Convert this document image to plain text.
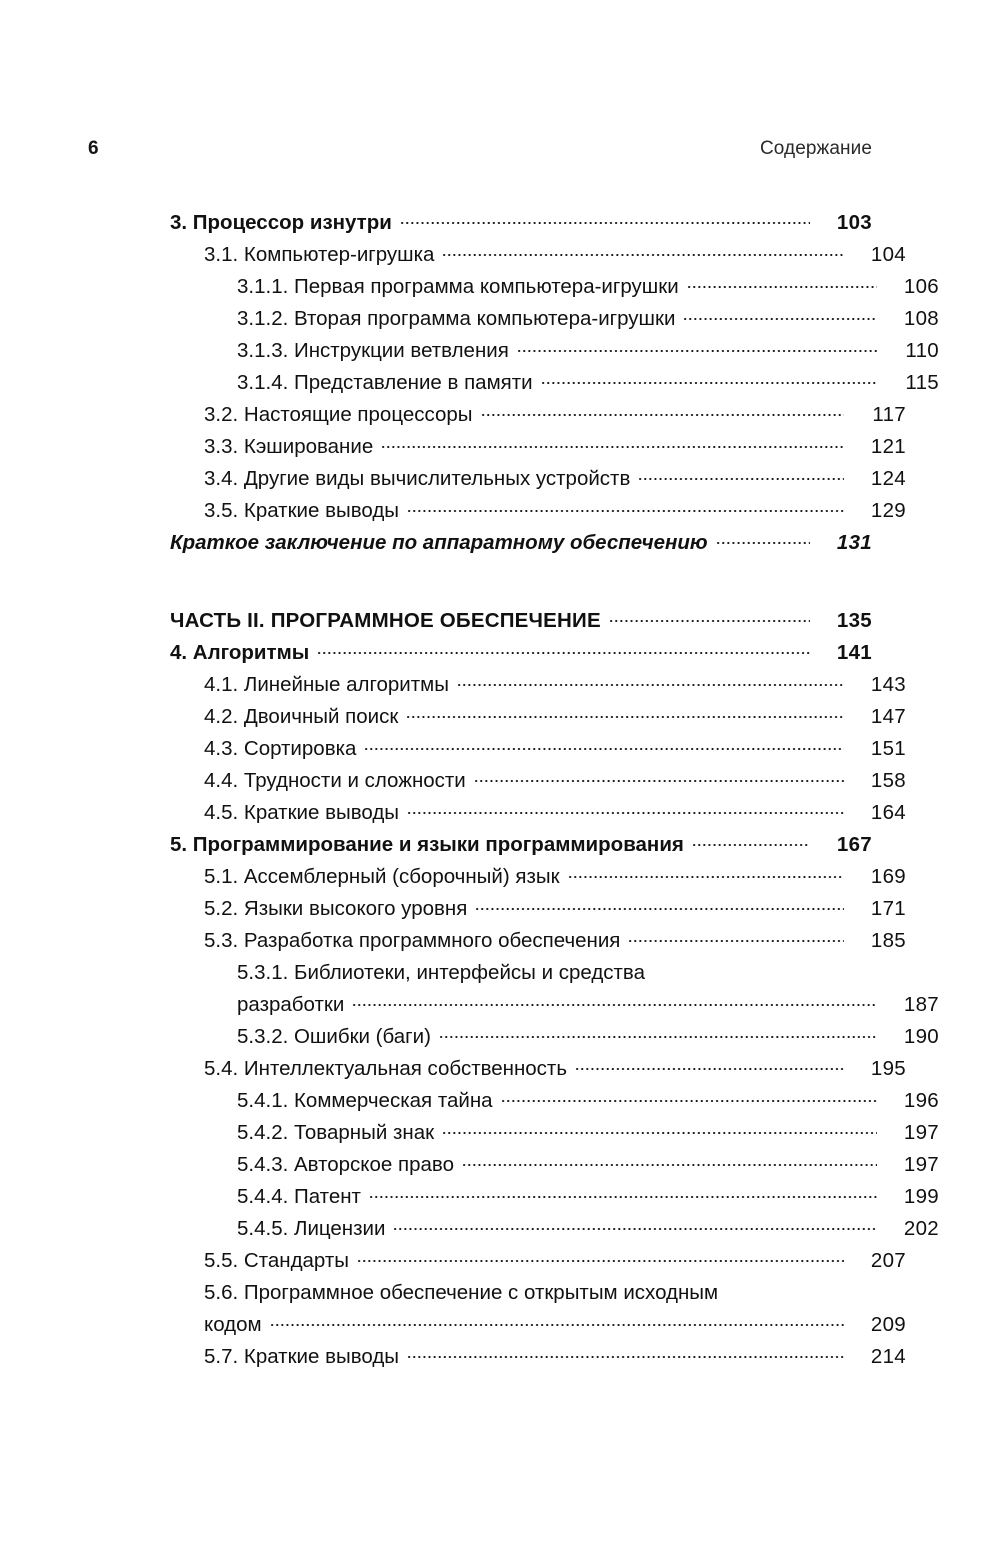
6	Содержание
3. Процессор изнутри	103
3.1. Компьютер-игрушка	104
3.1.1. Первая программа компьютера-игрушки	106
3.1.2. Вторая программа компьютера-игрушки	108
3.1.3. Инструкции ветвления	110
3.1.4. Представление в памяти	115
3.2. Настоящие процессоры	117
3.3. Кэширование	121
3.4. Другие виды вычислительных устройств	124
3.5. Краткие выводы	129
Краткое заключение по аппаратному обеспечению	131
ЧАСТЬ II. ПРОГРАММНОЕ ОБЕСПЕЧЕНИЕ	135
4. Алгоритмы	141
4.1. Линейные алгоритмы	143
4.2. Двоичный поиск	147
4.3. Сортировка	151
4.4. Трудности и сложности	158
4.5. Краткие выводы	164
5. Программирование и языки программирования	167
5.1. Ассемблерный (сборочный) язык	169
5.2. Языки высокого уровня	171
5.3. Разработка программного обеспечения	185
5.3.1. Библиотеки, интерфейсы и средства
разработки	187
5.3.2. Ошибки (баги)	190
5.4. Интеллектуальная собственность	195
5.4.1. Коммерческая тайна	196
5.4.2. Товарный знак	197
5.4.3. Авторское право	197
5.4.4. Патент	199
5.4.5. Лицензии	202
5.5. Стандарты	207
5.6. Программное обеспечение с открытым исходным
кодом	209
5.7. Краткие выводы	214
